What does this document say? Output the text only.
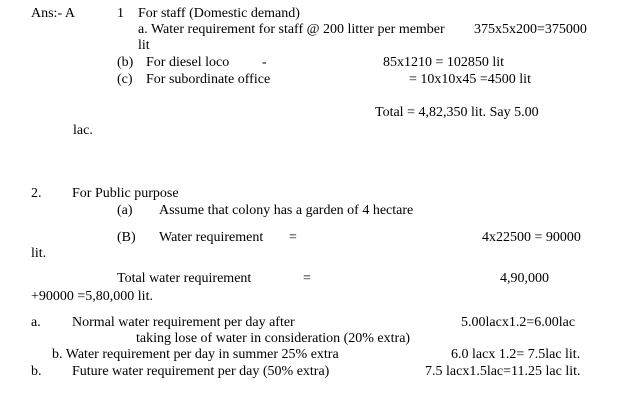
Ans:- A	1 For staff (Domestic demand)
a. Water requirement for staff @ 200 litter per member 375x5x200=375000
lit
(b) For diesel loco -	85x1210 = 102850 lit
(c) For subordinate office	= 10x10x45 =4500 lit
Total = 4,82,350 lit. Say 5.00
lac.
2. For Public purpose
(a) Assume that colony has a garden of 4 hectare
(B) Water requirement =	4x22500 = 90000
lit.
Total water requirement	=	4,90,000
+90000 =5,80,000 lit.
a. Normal water requirement per day after	5.00lacx1.2=6.00lac
taking lose of water in consideration (20% extra)
b. Water requirement per day in summer 25% extra	6.0 lacx 1.2= 7.5lac lit.
b. Future water requirement per day (50% extra)	7.5 lacx1.5lac=11.25 lac lit.
